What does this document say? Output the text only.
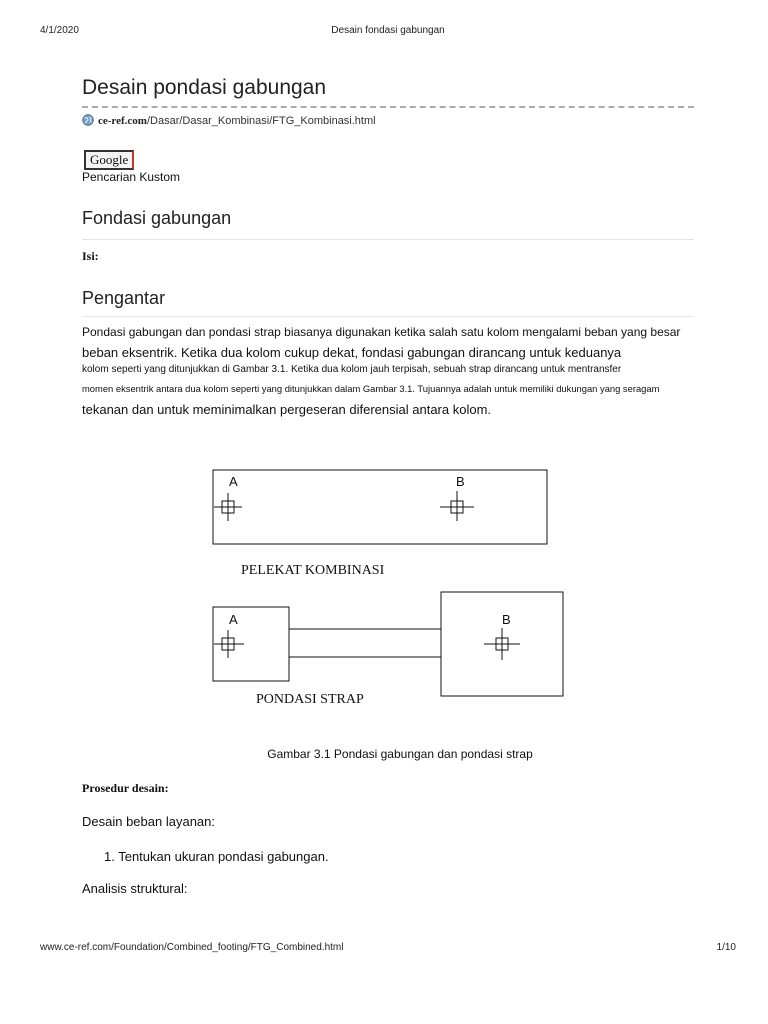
4/1/2020	Desain fondasi gabungan
Desain pondasi gabungan
ce-ref.com/Dasar/Dasar_Kombinasi/FTG_Kombinasi.html
Google
Pencarian Kustom
Fondasi gabungan
Isi:
Pengantar
Pondasi gabungan dan pondasi strap biasanya digunakan ketika salah satu kolom mengalami beban yang besar
beban eksentrik. Ketika dua kolom cukup dekat, fondasi gabungan dirancang untuk keduanya
kolom seperti yang ditunjukkan di Gambar 3.1. Ketika dua kolom jauh terpisah, sebuah strap dirancang untuk mentransfer
momen eksentrik antara dua kolom seperti yang ditunjukkan dalam Gambar 3.1. Tujuannya adalah untuk memiliki dukungan yang seragam
tekanan dan untuk meminimalkan pergeseran diferensial antara kolom.
A	B
PELEKAT KOMBINASI
A	B
PONDASI STRAP
Gambar 3.1 Pondasi gabungan dan pondasi strap
Prosedur desain:
Desain beban layanan:
1. Tentukan ukuran pondasi gabungan.
Analisis struktural:
www.ce-ref.com/Foundation/Combined_footing/FTG_Combined.html	1/10
